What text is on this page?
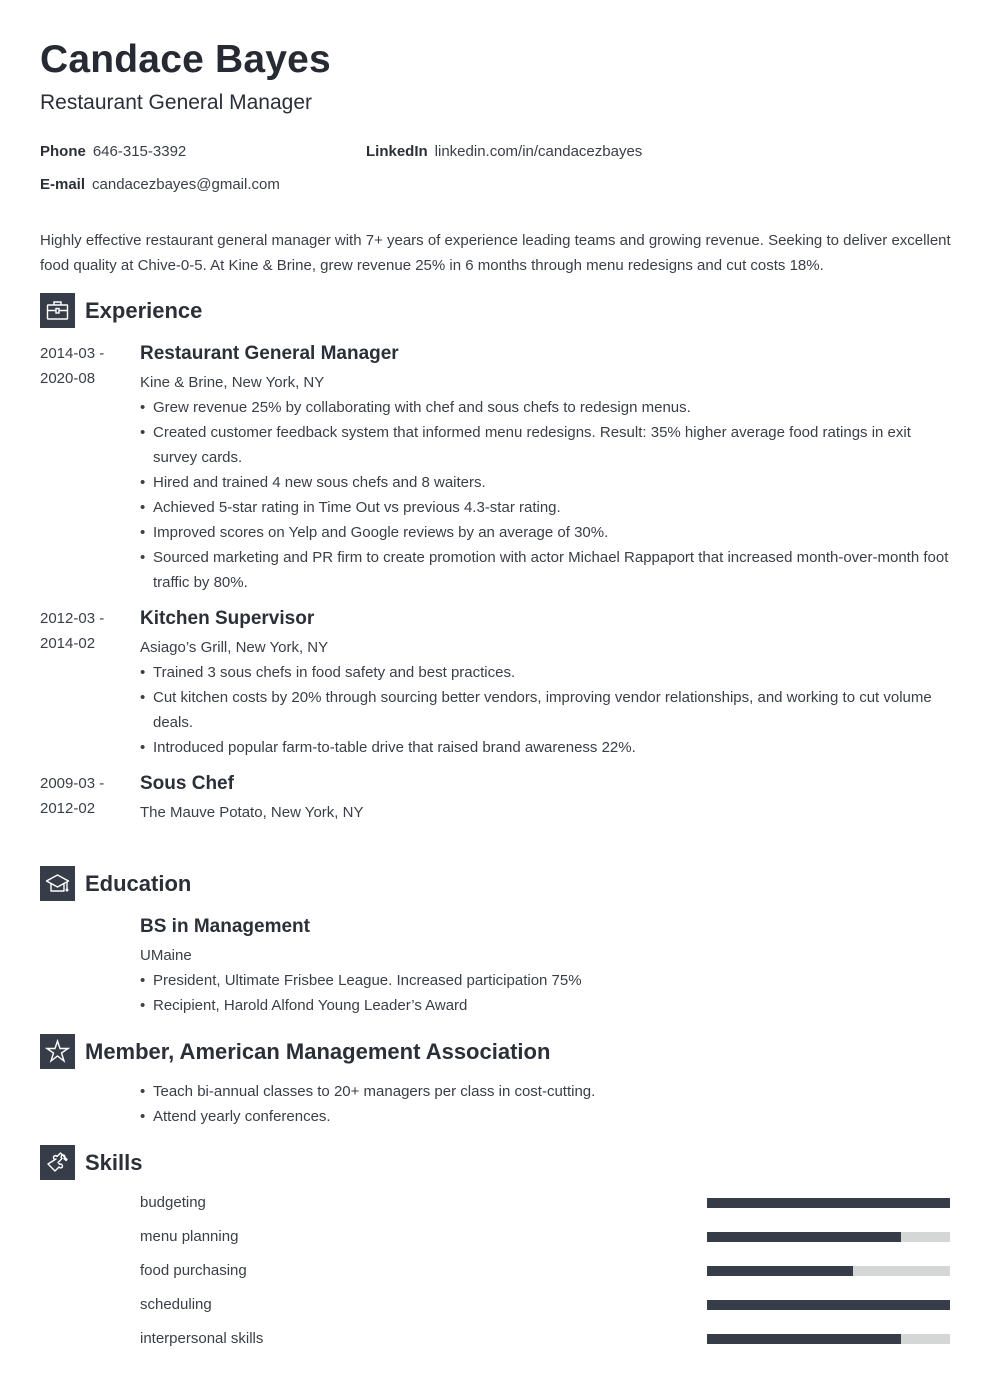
Candace Bayes
Restaurant General Manager
Phone 646-315-3392	LinkedIn linkedin.com/in/candacezbayes
E-mail candacezbayes@gmail.com
Highly effective restaurant general manager with 7+ years of experience leading teams and growing revenue. Seeking to deliver excellent food quality at Chive-0-5. At Kine & Brine, grew revenue 25% in 6 months through menu redesigns and cut costs 18%.
Experience
2014-03 -
2020-08
Restaurant General Manager
Kine & Brine, New York, NY
• Grew revenue 25% by collaborating with chef and sous chefs to redesign menus.
• Created customer feedback system that informed menu redesigns. Result: 35% higher average food ratings in exit survey cards.
• Hired and trained 4 new sous chefs and 8 waiters.
• Achieved 5-star rating in Time Out vs previous 4.3-star rating.
• Improved scores on Yelp and Google reviews by an average of 30%.
• Sourced marketing and PR firm to create promotion with actor Michael Rappaport that increased month-over-month foot traffic by 80%.
2012-03 -
2014-02
Kitchen Supervisor
Asiago’s Grill, New York, NY
• Trained 3 sous chefs in food safety and best practices.
• Cut kitchen costs by 20% through sourcing better vendors, improving vendor relationships, and working to cut volume deals.
• Introduced popular farm-to-table drive that raised brand awareness 22%.
2009-03 -
2012-02
Sous Chef
The Mauve Potato, New York, NY
Education
BS in Management
UMaine
• President, Ultimate Frisbee League. Increased participation 75%
• Recipient, Harold Alfond Young Leader’s Award
Member, American Management Association
• Teach bi-annual classes to 20+ managers per class in cost-cutting.
• Attend yearly conferences.
Skills
budgeting
menu planning
food purchasing
scheduling
interpersonal skills
